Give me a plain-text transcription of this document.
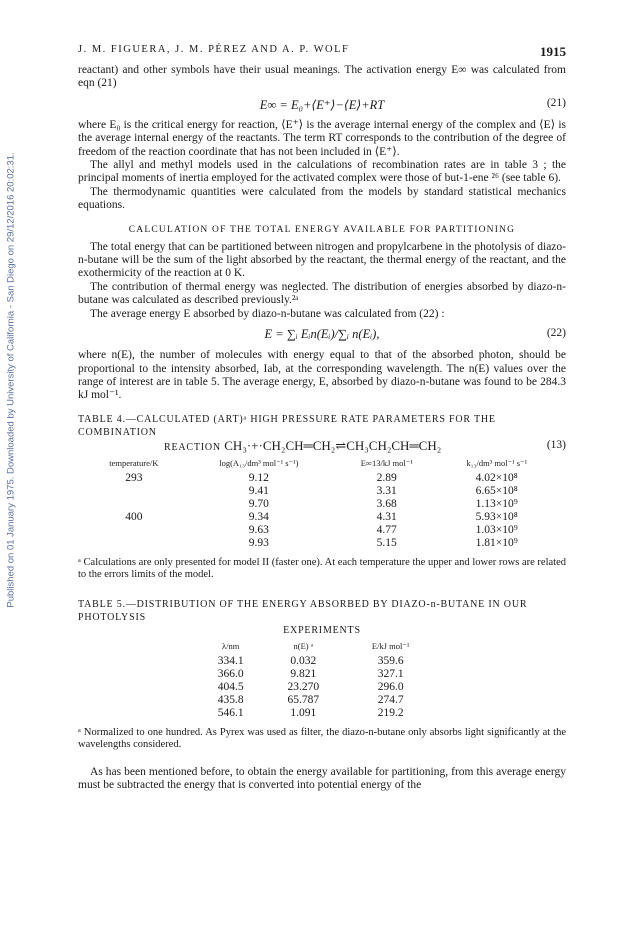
Published on 01 January 1975. Downloaded by University of California - San Diego on 29/12/2016 20:02:31.
J. M. FIGUERA, J. M. PÉREZ AND A. P. WOLF	1915

reactant) and other symbols have their usual meanings. The activation energy E∞ was calculated from eqn (21)

E∞ = E₀+⟨E⁺⟩−⟨E⟩+RT	(21)

where E₀ is the critical energy for reaction, ⟨E⁺⟩ is the average internal energy of the complex and ⟨E⟩ is the average internal energy of the reactants. The term RT corresponds to the contribution of the degree of freedom of the reaction coordinate that has not been included in ⟨E⁺⟩.

The allyl and methyl models used in the calculations of recombination rates are in table 3 ; the principal moments of inertia employed for the activated complex were those of but-1-ene ²⁶ (see table 6).

The thermodynamic quantities were calculated from the models by standard statistical mechanics equations.

CALCULATION OF THE TOTAL ENERGY AVAILABLE FOR PARTITIONING

The total energy that can be partitioned between nitrogen and propylcarbene in the photolysis of diazo-n-butane will be the sum of the light absorbed by the reactant, the thermal energy of the reactant, and the exothermicity of the reaction at 0 K.

The contribution of thermal energy was neglected. The distribution of energies absorbed by diazo-n-butane was calculated as described previously.²ᵃ

The average energy E absorbed by diazo-n-butane was calculated from (22) :

E = ∑ᵢ Eᵢn(Eᵢ)/∑ᵢ n(Eᵢ),	(22)

where n(E), the number of molecules with energy equal to that of the absorbed photon, should be proportional to the intensity absorbed, Iab, at the corresponding wavelength. The n(E) values over the range of interest are in table 5. The average energy, E, absorbed by diazo-n-butane was found to be 284.3 kJ mol⁻¹.

TABLE 4.—CALCULATED (ART)ᵃ HIGH PRESSURE RATE PARAMETERS FOR THE COMBINATION
REACTION CH₃·+·CH₂CH═CH₂⇌CH₃CH₂CH═CH₂	(13)
temperature/K	log(A₁₃/dm³ mol⁻¹ s⁻¹)	E∞13/kJ mol⁻¹	k₁₃/dm³ mol⁻¹ s⁻¹
293	9.12	2.89	4.02×10⁸
	9.41	3.31	6.65×10⁸
	9.70	3.68	1.13×10⁹
400	9.34	4.31	5.93×10⁸
	9.63	4.77	1.03×10⁹
	9.93	5.15	1.81×10⁹
ᵃ Calculations are only presented for model II (faster one). At each temperature the upper and lower rows are related to the errors limits of the model.
TABLE 5.—DISTRIBUTION OF THE ENERGY ABSORBED BY DIAZO-n-BUTANE IN OUR PHOTOLYSIS
EXPERIMENTS
λ/nm	n(E) ᵃ	E/kJ mol⁻¹
334.1	0.032	359.6
366.0	9.821	327.1
404.5	23.270	296.0
435.8	65.787	274.7
546.1	1.091	219.2
ᵃ Normalized to one hundred. As Pyrex was used as filter, the diazo-n-butane only absorbs light significantly at the wavelengths considered.

As has been mentioned before, to obtain the energy available for partitioning, from this average energy must be subtracted the energy that is converted into potential energy of the
